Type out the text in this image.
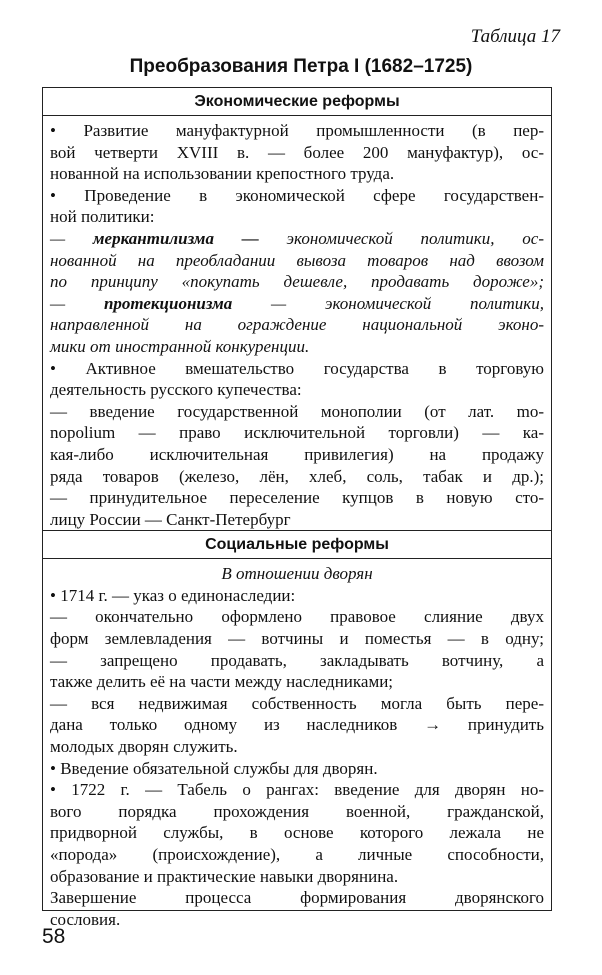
Таблица 17
Преобразования Петра I (1682–1725)
Экономические реформы
• Развитие мануфактурной промышленности (в пер-
вой четверти XVIII в. — более 200 мануфактур), ос-
нованной на использовании крепостного труда.
• Проведение в экономической сфере государствен-
ной политики:
— меркантилизма — экономической политики, ос-
нованной на преобладании вывоза товаров над ввозом
по принципу «покупать дешевле, продавать дороже»;
— протекционизма — экономической политики,
направленной на ограждение национальной эконо-
мики от иностранной конкуренции.
• Активное вмешательство государства в торговую
деятельность русского купечества:
— введение государственной монополии (от лат. mo-
nopolium — право исключительной торговли) — ка-
кая-либо исключительная привилегия) на продажу
ряда товаров (железо, лён, хлеб, соль, табак и др.);
— принудительное переселение купцов в новую сто-
лицу России — Санкт-Петербург
Социальные реформы
В отношении дворян
• 1714 г. — указ о единонаследии:
— окончательно оформлено правовое слияние двух
форм землевладения — вотчины и поместья — в одну;
— запрещено продавать, закладывать вотчину, а
также делить её на части между наследниками;
— вся недвижимая собственность могла быть пере-
дана только одному из наследников → принудить
молодых дворян служить.
• Введение обязательной службы для дворян.
• 1722 г. — Табель о рангах: введение для дворян но-
вого порядка прохождения военной, гражданской,
придворной службы, в основе которого лежала не
«порода» (происхождение), а личные способности,
образование и практические навыки дворянина.
Завершение процесса формирования дворянского
сословия.
58
